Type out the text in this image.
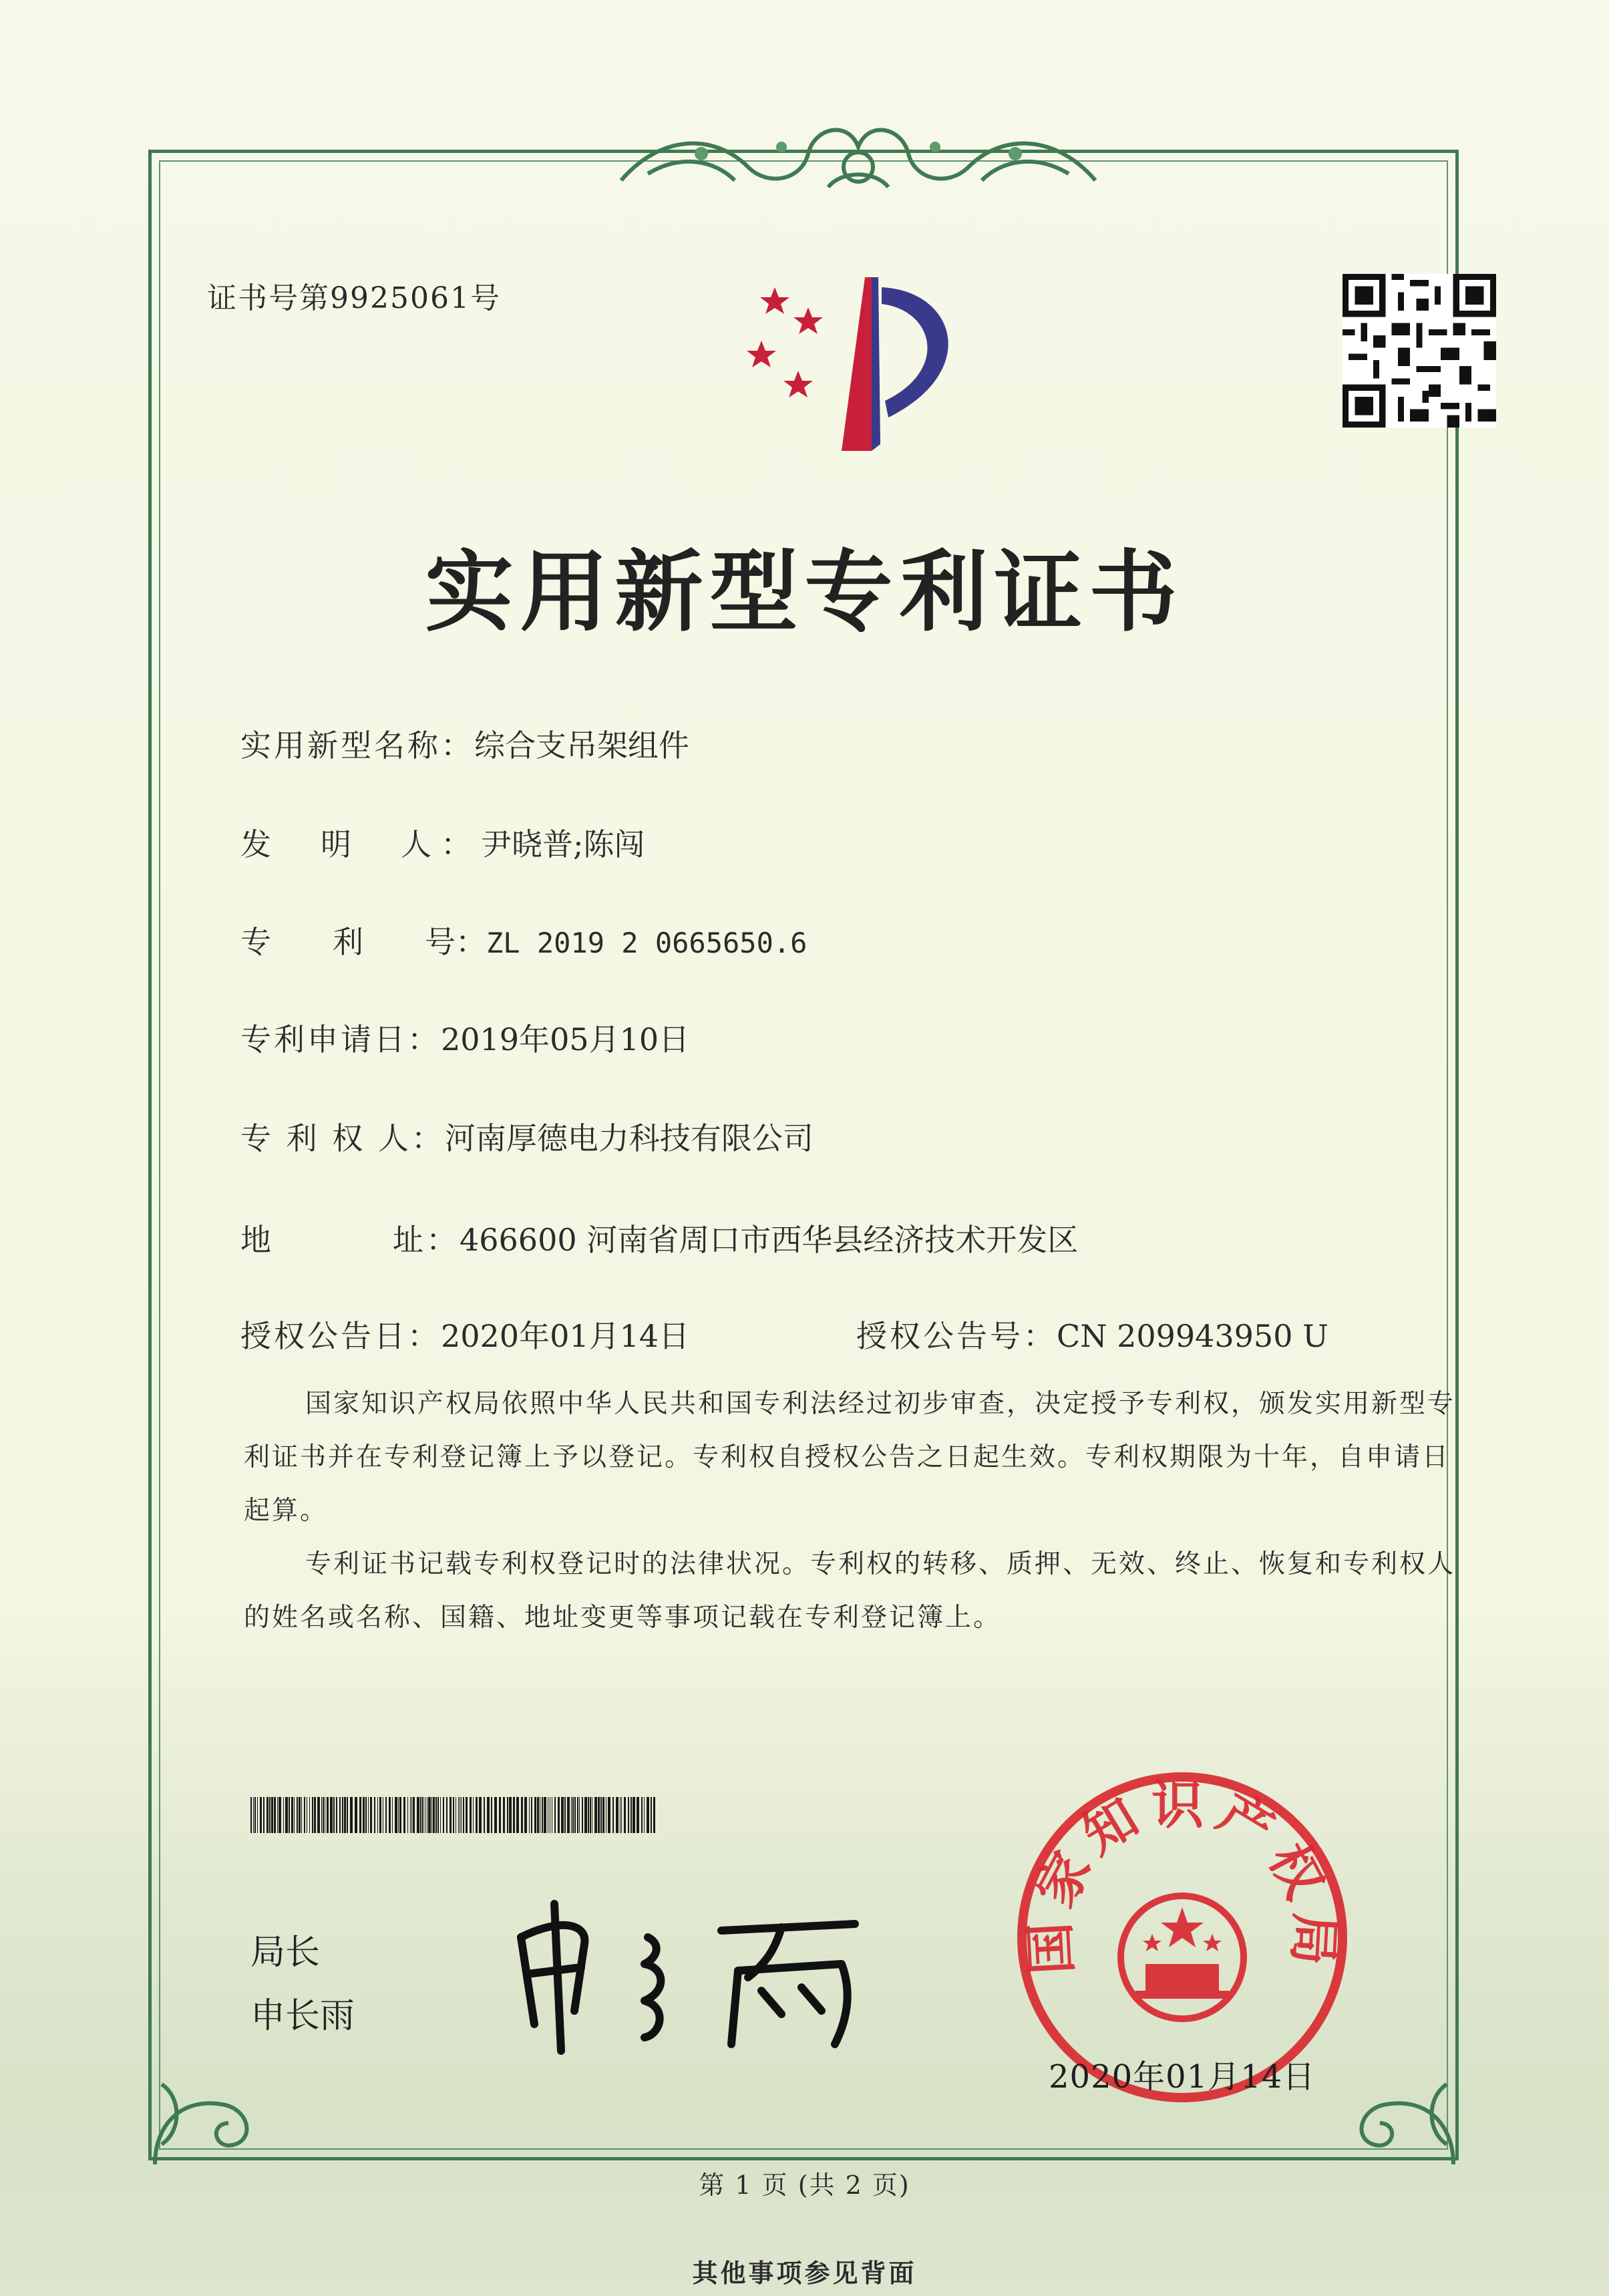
证书号第9925061号
实用新型专利证书
实用新型名称：综合支吊架组件
发　明　人：尹晓普;陈闯
专　　利　　号：ZL 2019 2 0665650.6
专利申请日：2019年05月10日
专 利 权 人：河南厚德电力科技有限公司
地	址：466600 河南省周口市西华县经济技术开发区
授权公告日：2020年01月14日	授权公告号：CN 209943950 U
国家知识产权局依照中华人民共和国专利法经过初步审查，决定授予专利权，颁发实用新型专利证书并在专利登记簿上予以登记。专利权自授权公告之日起生效。专利权期限为十年，自申请日起算。
专利证书记载专利权登记时的法律状况。专利权的转移、质押、无效、终止、恢复和专利权人的姓名或名称、国籍、地址变更等事项记载在专利登记簿上。
局长
申长雨
国家知识产权局
2020年01月14日
第 1 页 (共 2 页)
其他事项参见背面
